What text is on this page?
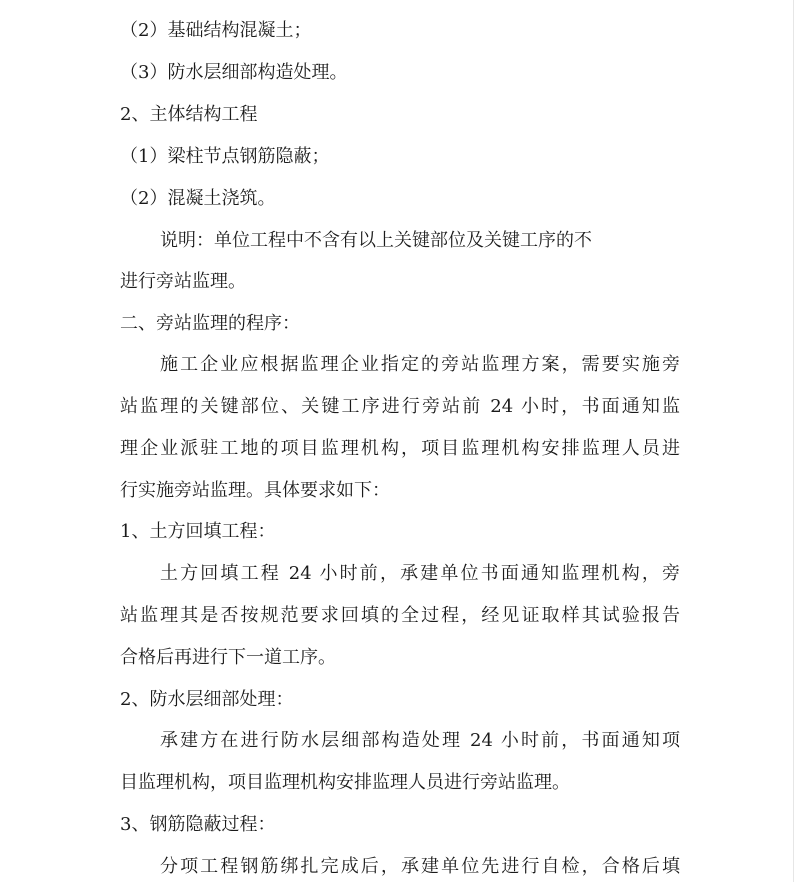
（2）基础结构混凝土；
（3）防水层细部构造处理。
2、主体结构工程
（1）梁柱节点钢筋隐蔽；
（2）混凝土浇筑。
说明：单位工程中不含有以上关键部位及关键工序的不
进行旁站监理。
二、旁站监理的程序：
施工企业应根据监理企业指定的旁站监理方案，需要实施旁
站监理的关键部位、关键工序进行旁站前 24 小时，书面通知监
理企业派驻工地的项目监理机构，项目监理机构安排监理人员进
行实施旁站监理。具体要求如下：
1、土方回填工程：
土方回填工程 24 小时前，承建单位书面通知监理机构，旁
站监理其是否按规范要求回填的全过程，经见证取样其试验报告
合格后再进行下一道工序。
2、防水层细部处理：
承建方在进行防水层细部构造处理 24 小时前，书面通知项
目监理机构，项目监理机构安排监理人员进行旁站监理。
3、钢筋隐蔽过程：
分项工程钢筋绑扎完成后，承建单位先进行自检，合格后填
